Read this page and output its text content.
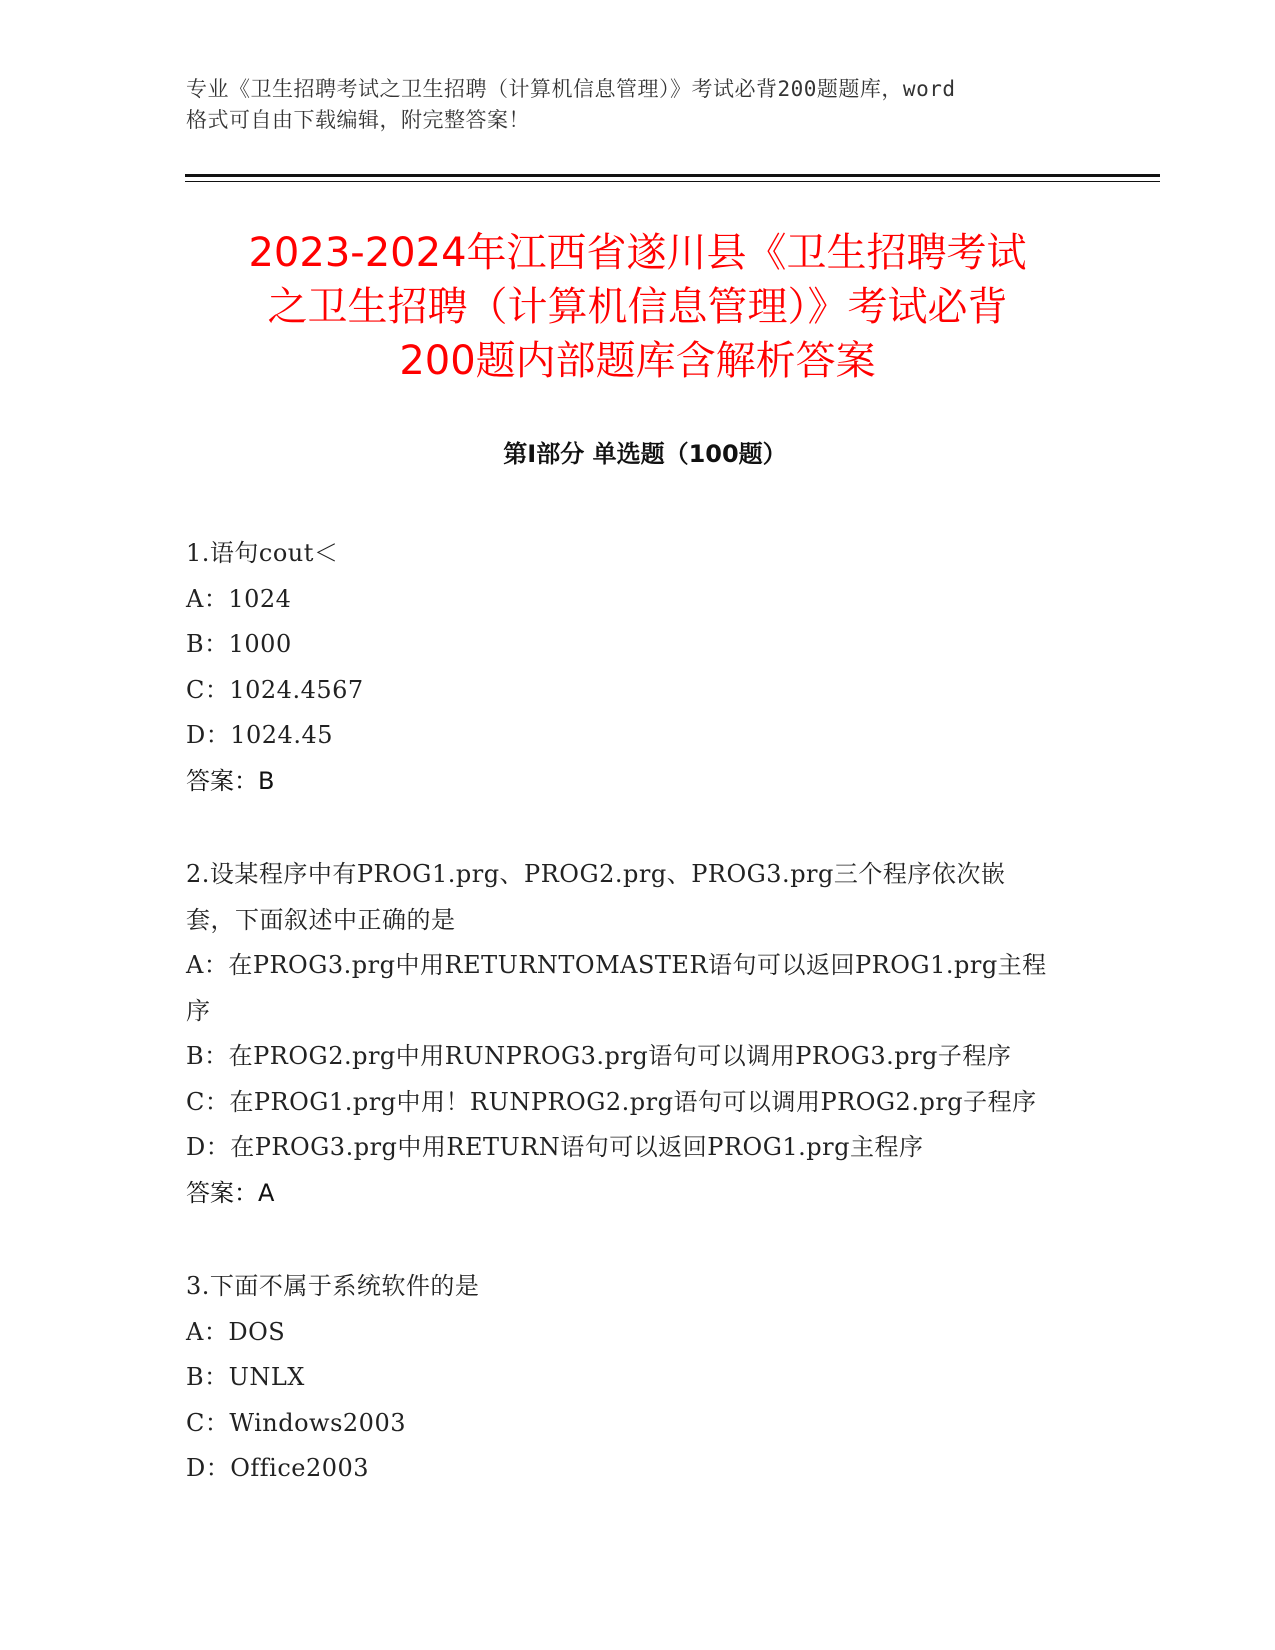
专业《卫生招聘考试之卫生招聘（计算机信息管理）》考试必背200题题库，word
格式可自由下载编辑，附完整答案！
2023-2024年江西省遂川县《卫生招聘考试
之卫生招聘（计算机信息管理）》考试必背
200题内部题库含解析答案
第Ⅰ部分 单选题（100题）
1.语句cout＜
A：1024
B：1000
C：1024.4567
D：1024.45
答案：B
2.设某程序中有PROG1.prg、PROG2.prg、PROG3.prg三个程序依次嵌
套，下面叙述中正确的是
A：在PROG3.prg中用RETURNTOMASTER语句可以返回PROG1.prg主程
序
B：在PROG2.prg中用RUNPROG3.prg语句可以调用PROG3.prg子程序
C：在PROG1.prg中用！RUNPROG2.prg语句可以调用PROG2.prg子程序
D：在PROG3.prg中用RETURN语句可以返回PROG1.prg主程序
答案：A
3.下面不属于系统软件的是
A：DOS
B：UNLX
C：Windows2003
D：Office2003
